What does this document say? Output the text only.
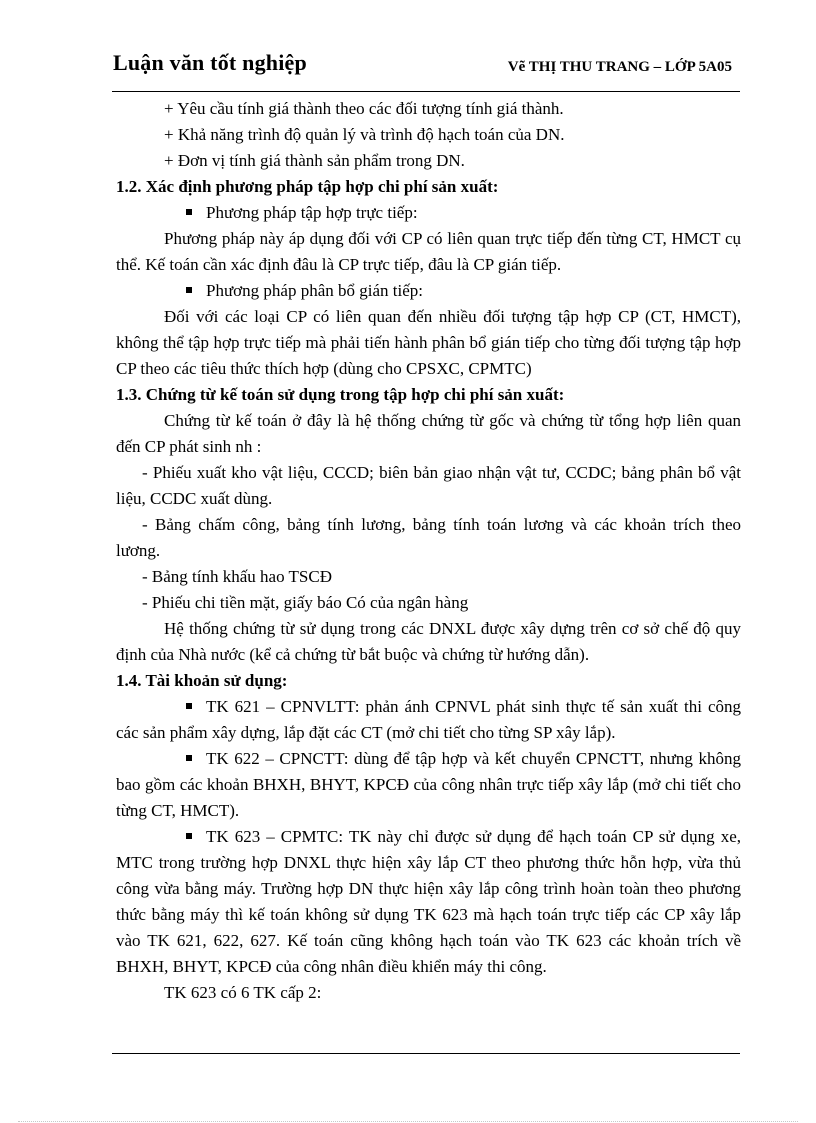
Luận văn tốt nghiệp	Vẽ THỊ THU TRANG – LỚP 5A05

+ Yêu cầu tính giá thành theo các đối tượng tính giá thành.

+ Khả năng trình độ quản lý và trình độ hạch toán của DN.

+ Đơn vị tính giá thành sản phẩm trong DN.

1.2. Xác định phương pháp tập hợp chi phí sản xuất:

Phương pháp tập hợp trực tiếp:

Phương pháp này áp dụng đối với CP có liên quan trực tiếp đến từng CT, HMCT cụ thể. Kế toán cần xác định đâu là CP trực tiếp, đâu là CP gián tiếp.

Phương pháp phân bổ gián tiếp:

Đối với các loại CP có liên quan đến nhiều đối tượng tập hợp CP (CT, HMCT), không thể tập hợp trực tiếp mà phải tiến hành phân bổ gián tiếp cho từng đối tượng tập hợp CP theo các tiêu thức thích hợp (dùng cho CPSXC, CPMTC)

1.3. Chứng từ kế toán sử dụng trong tập hợp chi phí sản xuất:

Chứng từ kế toán ở đây là hệ thống chứng từ gốc và chứng từ tổng hợp liên quan đến CP phát sinh nh :

- Phiếu xuất kho vật liệu, CCCD; biên bản giao nhận vật tư, CCDC; bảng phân bổ vật liệu, CCDC xuất dùng.

- Bảng chấm công, bảng tính lương, bảng tính toán lương và các khoản trích theo lương.

- Bảng tính khấu hao TSCĐ

- Phiếu chi tiền mặt, giấy báo Có của ngân hàng

Hệ thống chứng từ sử dụng trong các DNXL được xây dựng trên cơ sở chế độ quy định của Nhà nước (kể cả chứng từ bắt buộc và chứng từ hướng dẫn).

1.4. Tài khoản sử dụng:

TK 621 – CPNVLTT: phản ánh CPNVL phát sinh thực tế sản xuất thi công các sản phẩm xây dựng, lắp đặt các CT (mở chi tiết cho từng SP xây lắp).

TK 622 – CPNCTT: dùng để tập hợp và kết chuyển CPNCTT, nhưng không bao gồm các khoản BHXH, BHYT, KPCĐ của công nhân trực tiếp xây lắp (mở chi tiết cho từng CT, HMCT).

TK 623 – CPMTC: TK này chỉ được sử dụng để hạch toán CP sử dụng xe, MTC trong trường hợp DNXL thực hiện xây lắp CT theo phương thức hỗn hợp, vừa thủ công vừa bằng máy. Trường hợp DN thực hiện xây lắp công trình hoàn toàn theo phương thức bằng máy thì kế toán không sử dụng TK 623 mà hạch toán trực tiếp các CP xây lắp vào TK 621, 622, 627. Kế toán cũng không hạch toán vào TK 623 các khoản trích về BHXH, BHYT, KPCĐ của công nhân điều khiển máy thi công.

TK 623 có 6 TK cấp 2:
